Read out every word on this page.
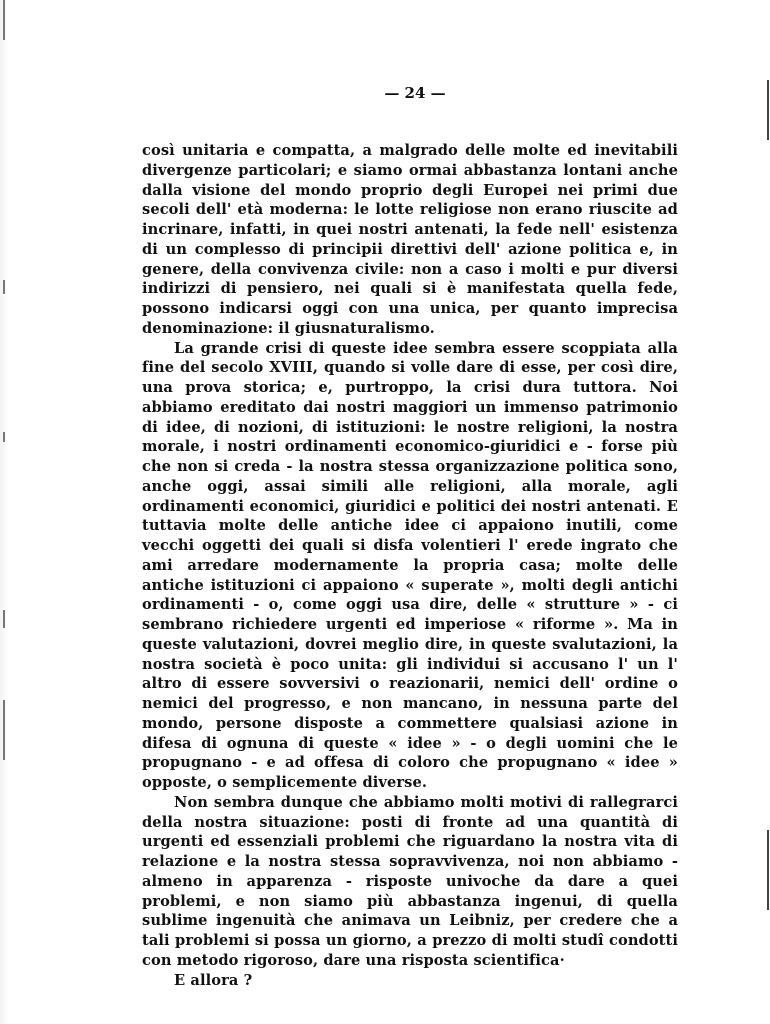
— 24 —

così unitaria e compatta, a malgrado delle molte ed inevitabili divergenze particolari; e siamo ormai abbastanza lontani anche dalla visione del mondo proprio degli Europei nei primi due secoli dell' età moderna: le lotte religiose non erano riuscite ad incrinare, infatti, in quei nostri antenati, la fede nell' esistenza di un complesso di principii direttivi dell' azione politica e, in genere, della convivenza civile: non a caso i molti e pur diversi indirizzi di pensiero, nei quali si è manifestata quella fede, possono indicarsi oggi con una unica, per quanto imprecisa denominazione: il giusnaturalismo.

La grande crisi di queste idee sembra essere scoppiata alla fine del secolo XVIII, quando si volle dare di esse, per così dire, una prova storica; e, purtroppo, la crisi dura tuttora. Noi abbiamo ereditato dai nostri maggiori un immenso patrimonio di idee, di nozioni, di istituzioni: le nostre religioni, la nostra morale, i nostri ordinamenti economico-giuridici e - forse più che non si creda - la nostra stessa organizzazione politica sono, anche oggi, assai simili alle religioni, alla morale, agli ordinamenti economici, giuridici e politici dei nostri antenati. E tuttavia molte delle antiche idee ci appaiono inutili, come vecchi oggetti dei quali si disfa volentieri l' erede ingrato che ami arredare modernamente la propria casa; molte delle antiche istituzioni ci appaiono « superate », molti degli antichi ordinamenti - o, come oggi usa dire, delle « strutture » - ci sembrano richiedere urgenti ed imperiose « riforme ». Ma in queste valutazioni, dovrei meglio dire, in queste svalutazioni, la nostra società è poco unita: gli individui si accusano l' un l' altro di essere sovversivi o reazionarii, nemici dell' ordine o nemici del progresso, e non mancano, in nessuna parte del mondo, persone disposte a commettere qualsiasi azione in difesa di ognuna di queste « idee » - o degli uomini che le propugnano - e ad offesa di coloro che propugnano « idee » opposte, o semplicemente diverse.

Non sembra dunque che abbiamo molti motivi di rallegrarci della nostra situazione: posti di fronte ad una quantità di urgenti ed essenziali problemi che riguardano la nostra vita di relazione e la nostra stessa sopravvivenza, noi non abbiamo - almeno in apparenza - risposte univoche da dare a quei problemi, e non siamo più abbastanza ingenui, di quella sublime ingenuità che animava un Leibniz, per credere che a tali problemi si possa un giorno, a prezzo di molti studî condotti con metodo rigoroso, dare una risposta scientifica·

E allora ?
